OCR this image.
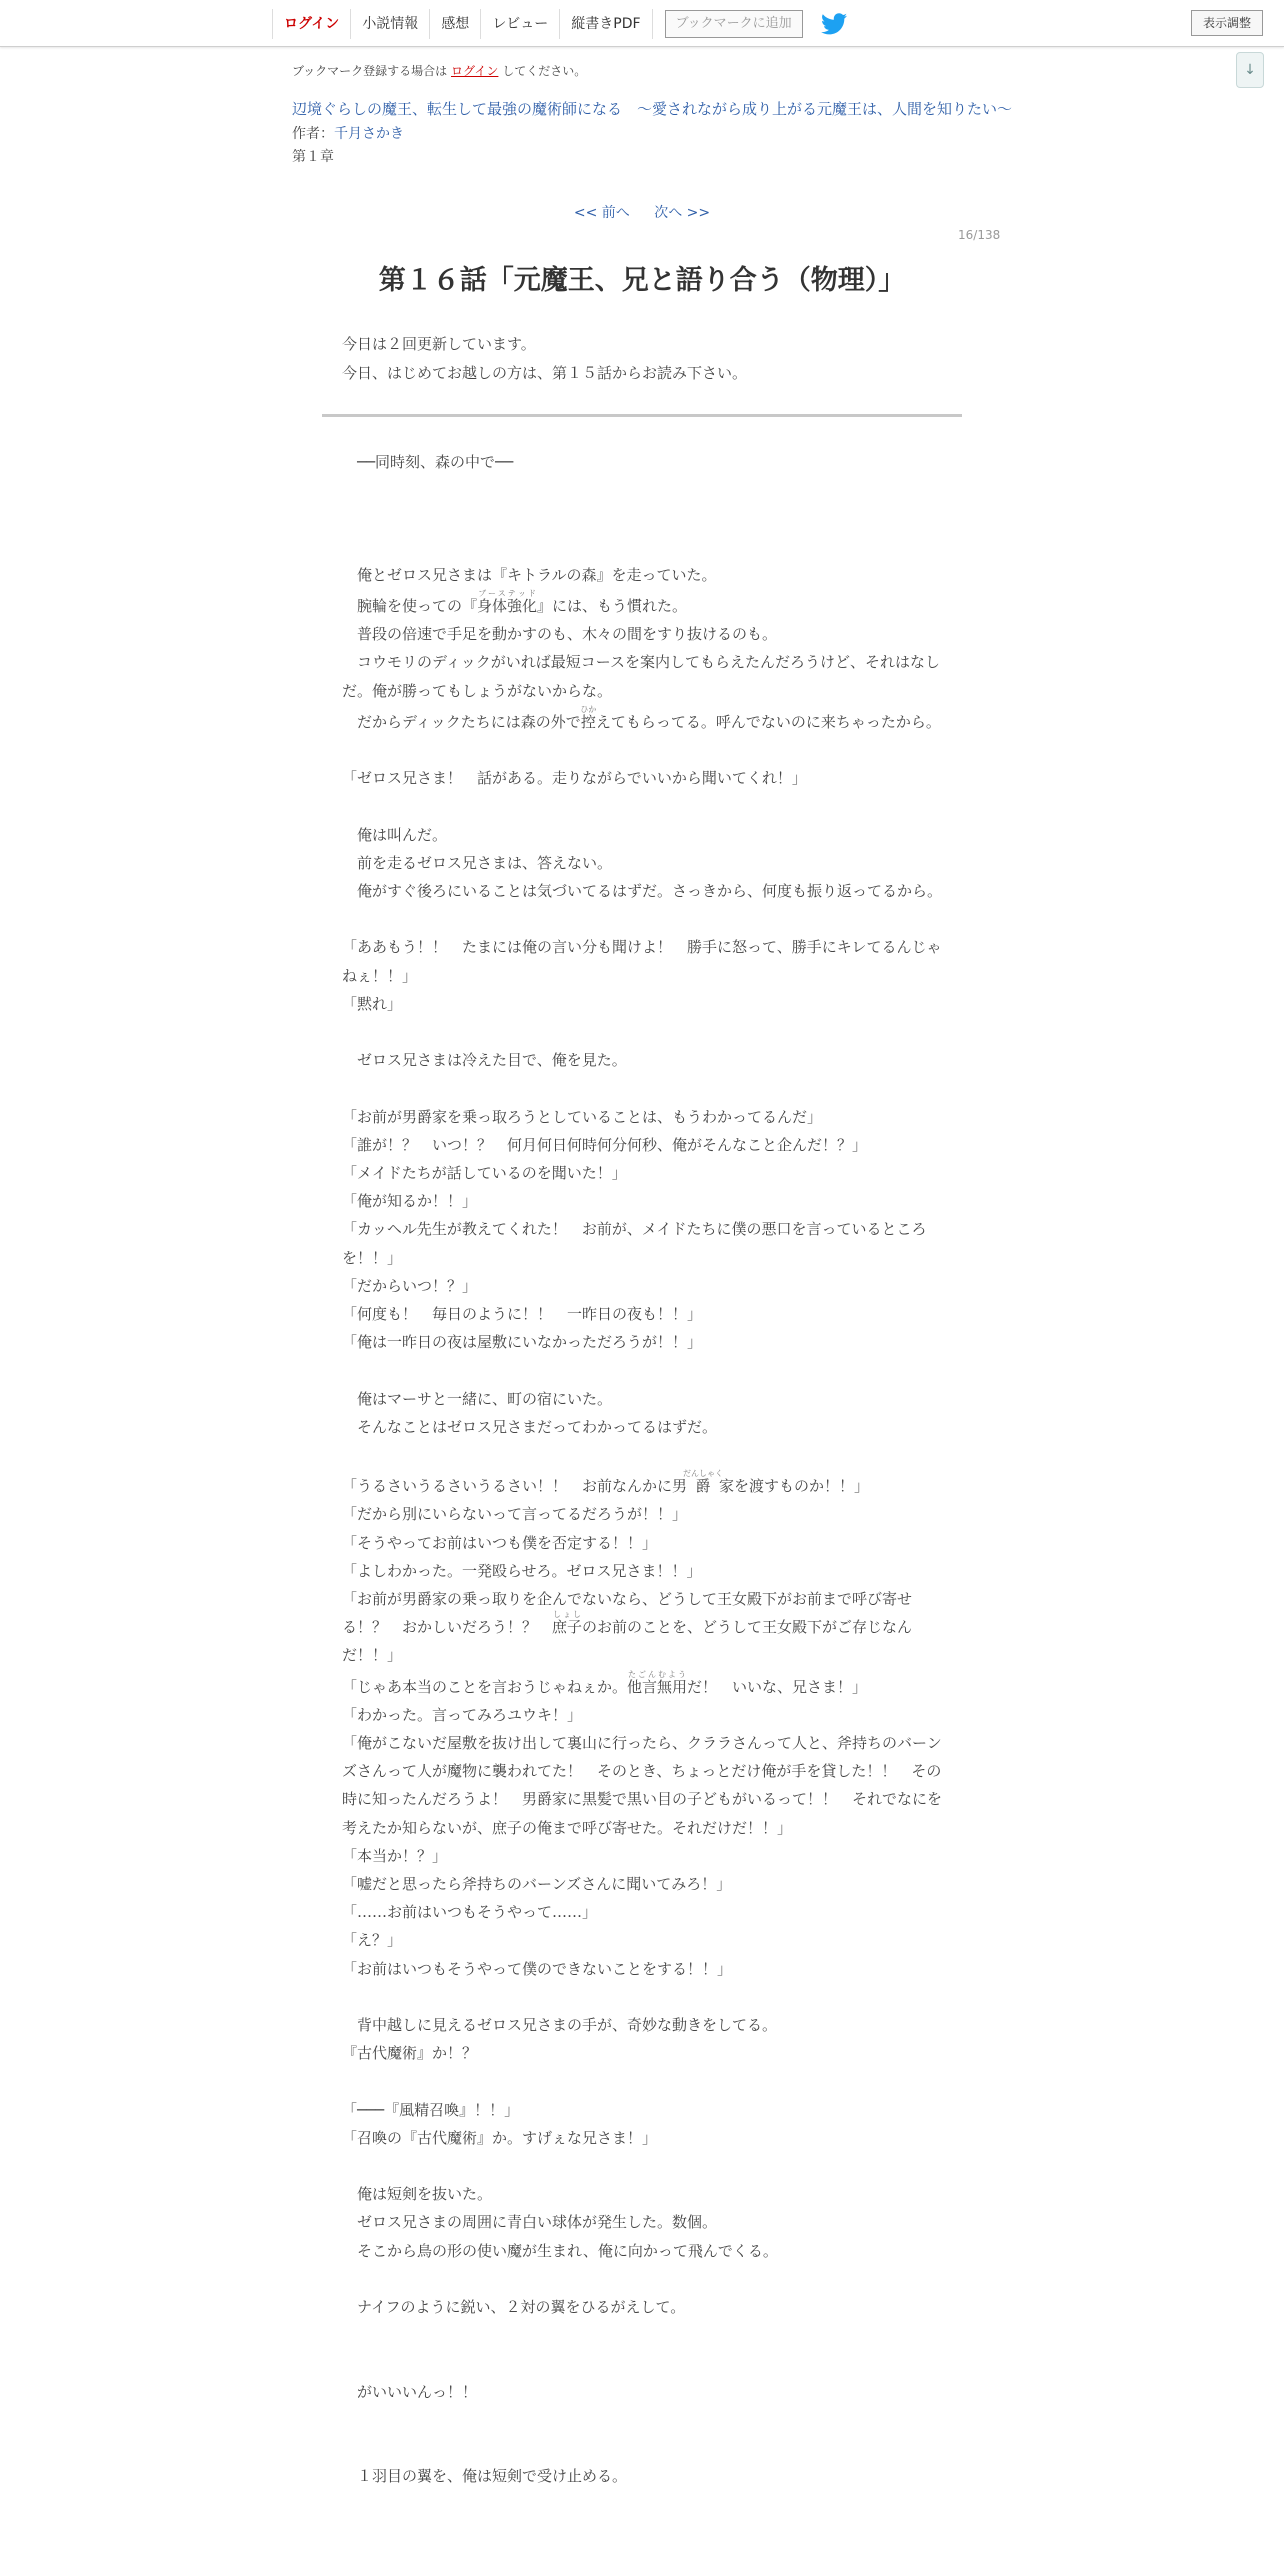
ログイン	小説情報	感想	レビュー	縦書きPDF	ブックマークに追加	表示調整
↓
ブックマーク登録する場合は ログイン してください。
辺境ぐらしの魔王、転生して最強の魔術師になる　〜愛されながら成り上がる元魔王は、人間を知りたい〜
作者：千月さかき
第１章
<< 前へ 次へ >>
16/138
第１６話「元魔王、兄と語り合う（物理）」

今日は２回更新しています。

今日、はじめてお越しの方は、第１５話からお読み下さい。

　──同時刻、森の中で──

　俺とゼロス兄さまは『キトラルの森』を走っていた。

　腕輪を使っての『身体強化ブーステッド』には、もう慣れた。

　普段の倍速で手足を動かすのも、木々の間をすり抜けるのも。

　コウモリのディックがいれば最短コースを案内してもらえたんだろうけど、それはなしだ。俺が勝ってもしょうがないからな。

　だからディックたちには森の外で控ひかえてもらってる。呼んでないのに来ちゃったから。

「ゼロス兄さま！　話がある。走りながらでいいから聞いてくれ！」

　俺は叫んだ。

　前を走るゼロス兄さまは、答えない。

　俺がすぐ後ろにいることは気づいてるはずだ。さっきから、何度も振り返ってるから。

「ああもう！！　たまには俺の言い分も聞けよ！　勝手に怒って、勝手にキレてるんじゃねぇ！！」

「黙れ」

　ゼロス兄さまは冷えた目で、俺を見た。

「お前が男爵家を乗っ取ろうとしていることは、もうわかってるんだ」

「誰が！？　いつ！？　何月何日何時何分何秒、俺がそんなこと企んだ！？」

「メイドたちが話しているのを聞いた！」

「俺が知るか！！」

「カッヘル先生が教えてくれた！　お前が、メイドたちに僕の悪口を言っているところを！！」

「だからいつ！？」

「何度も！　毎日のように！！　一昨日の夜も！！」

「俺は一昨日の夜は屋敷にいなかっただろうが！！」

　俺はマーサと一緒に、町の宿にいた。

　そんなことはゼロス兄さまだってわかってるはずだ。

「うるさいうるさいうるさい！！　お前なんかに男爵だんしゃく家を渡すものか！！」

「だから別にいらないって言ってるだろうが！！」

「そうやってお前はいつも僕を否定する！！」

「よしわかった。一発殴らせろ。ゼロス兄さま！！」

「お前が男爵家の乗っ取りを企んでないなら、どうして王女殿下がお前まで呼び寄せる！？　おかしいだろう！？　庶子しょしのお前のことを、どうして王女殿下がご存じなんだ！！」

「じゃあ本当のことを言おうじゃねぇか。他言無用たごんむようだ！　いいな、兄さま！」

「わかった。言ってみろユウキ！」

「俺がこないだ屋敷を抜け出して裏山に行ったら、クララさんって人と、斧持ちのバーンズさんって人が魔物に襲われてた！　そのとき、ちょっとだけ俺が手を貸した！！　その時に知ったんだろうよ！　男爵家に黒髪で黒い目の子どもがいるって！！　それでなにを考えたか知らないが、庶子の俺まで呼び寄せた。それだけだ！！」

「本当か！？」

「嘘だと思ったら斧持ちのバーンズさんに聞いてみろ！」

「……お前はいつもそうやって……」

「え？」

「お前はいつもそうやって僕のできないことをする！！」

　背中越しに見えるゼロス兄さまの手が、奇妙な動きをしてる。

『古代魔術』か！？

「───『風精召喚』！！」

「召喚の『古代魔術』か。すげぇな兄さま！」

　俺は短剣を抜いた。

　ゼロス兄さまの周囲に青白い球体が発生した。数個。

　そこから鳥の形の使い魔が生まれ、俺に向かって飛んでくる。

　ナイフのように鋭い、２対の翼をひるがえして。

　がいいいんっ！！

　１羽目の翼を、俺は短剣で受け止める。
